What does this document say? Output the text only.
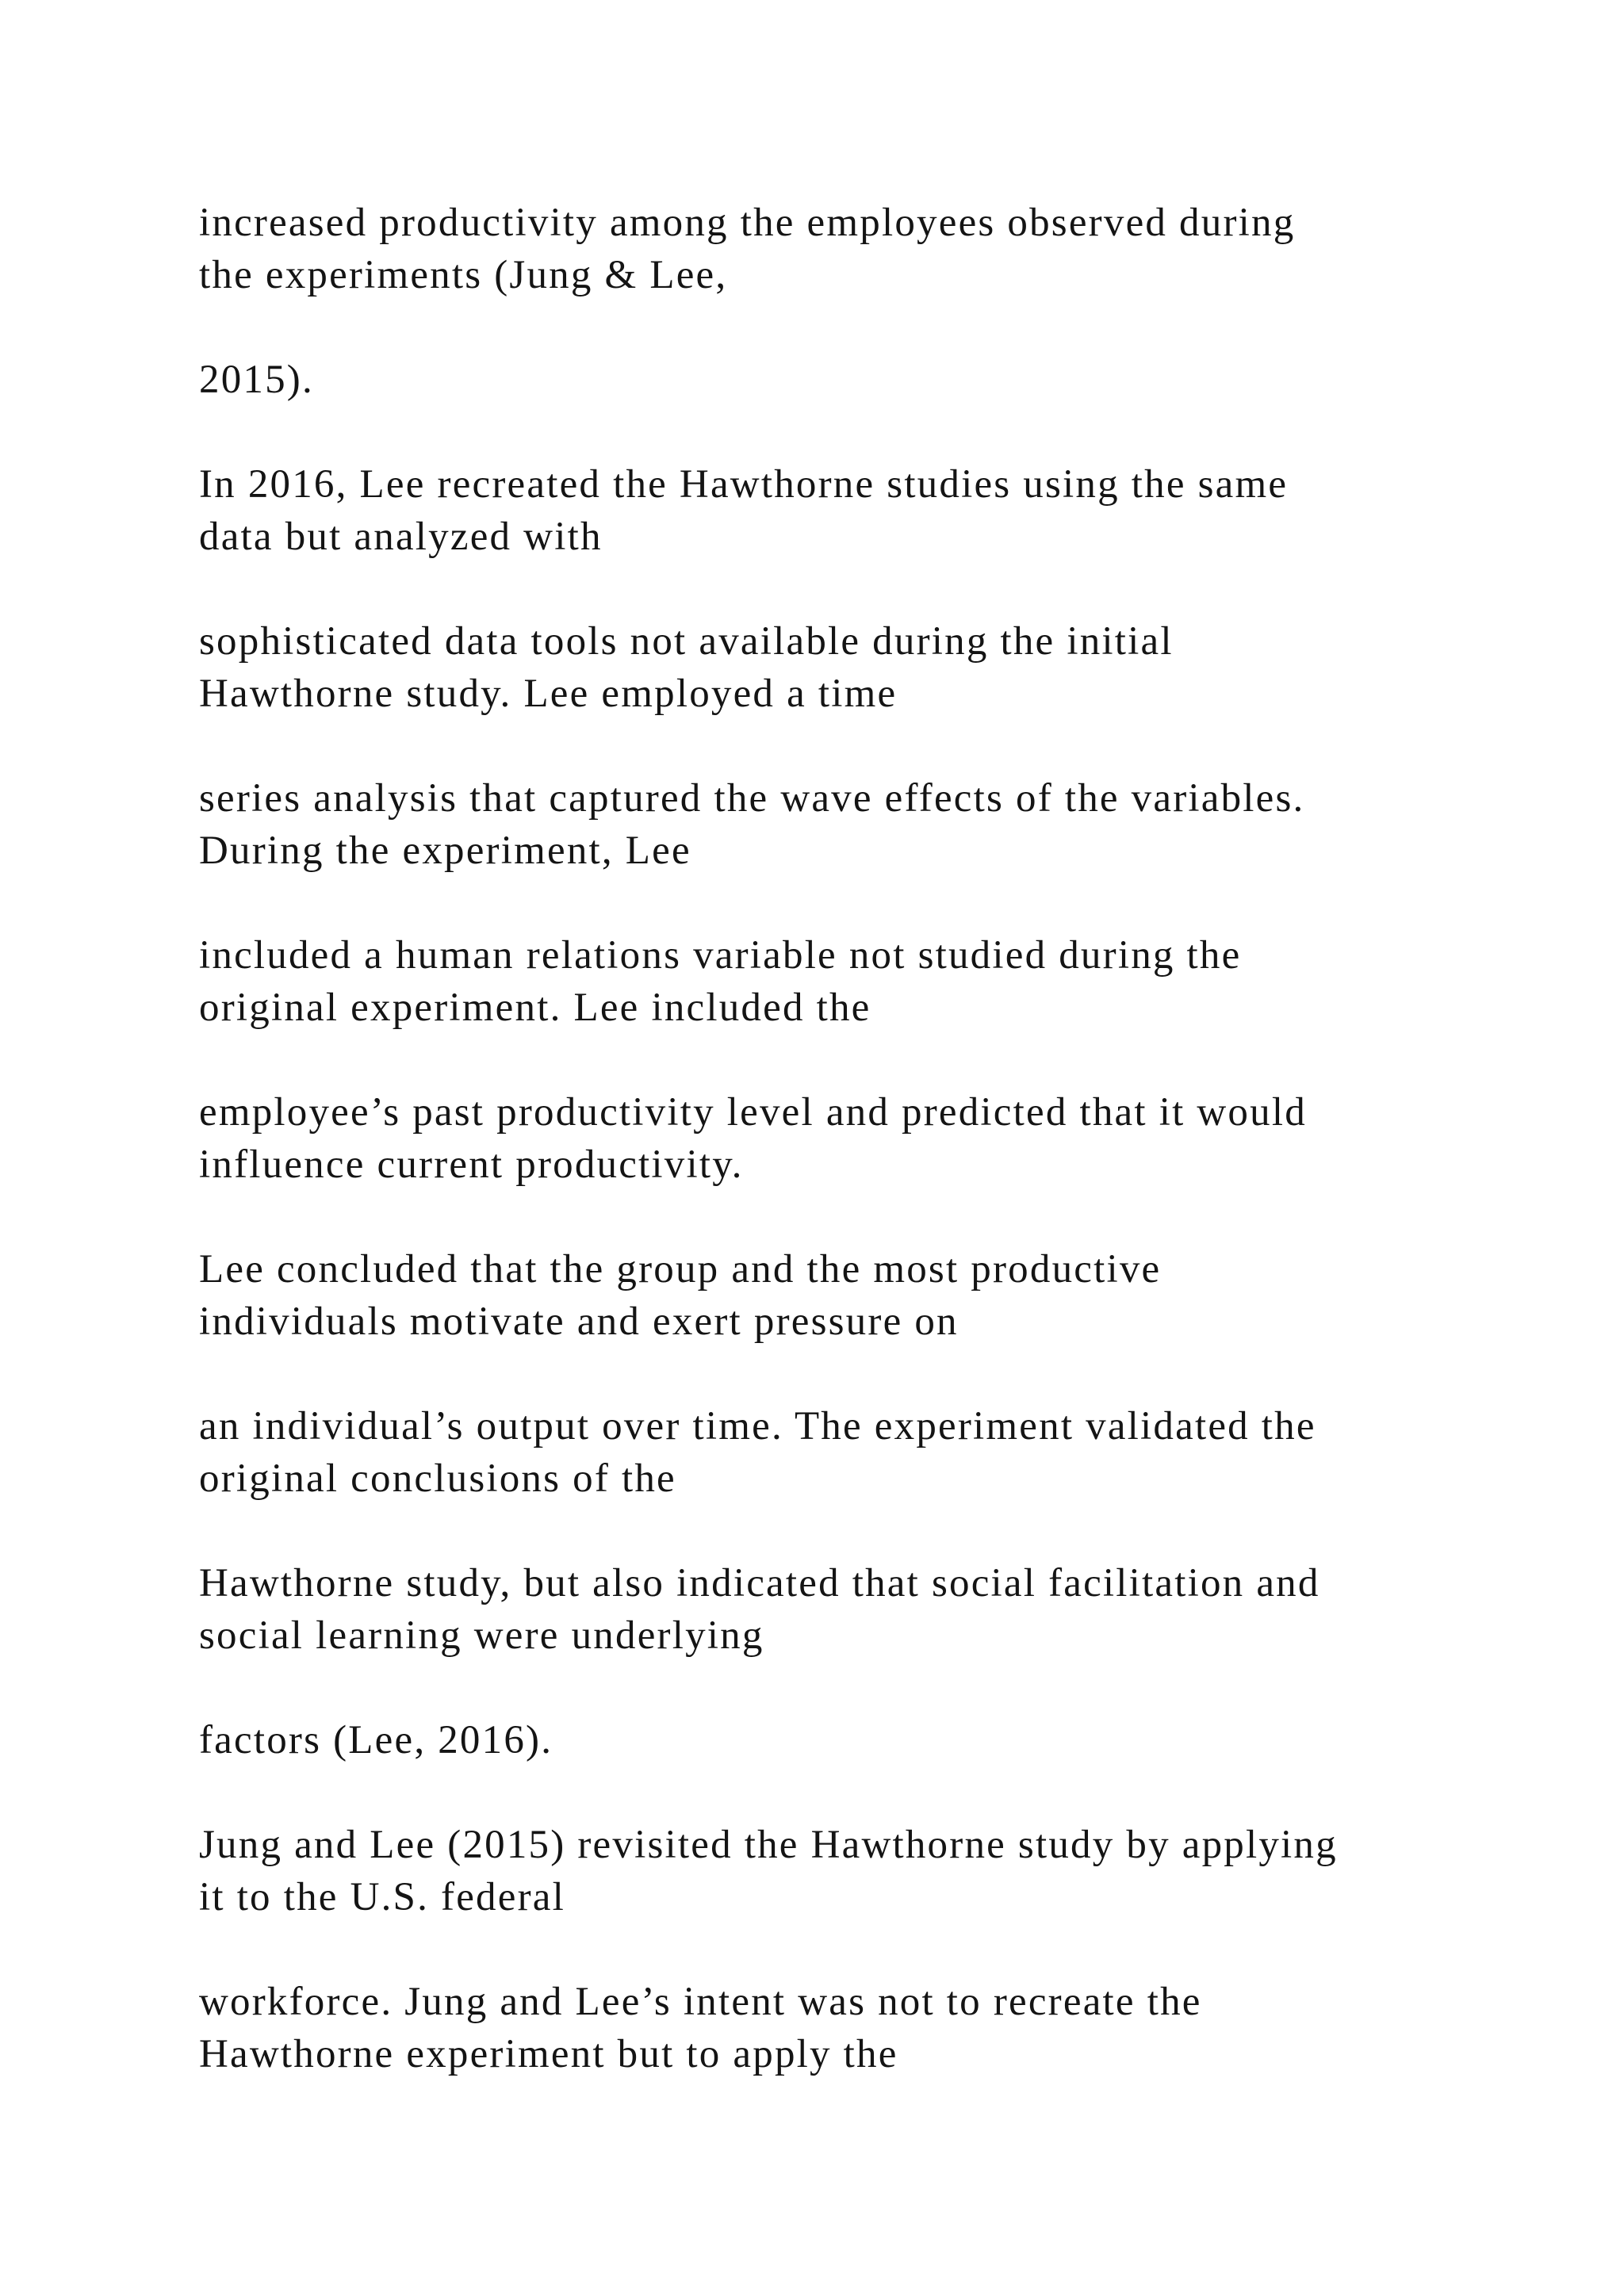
increased productivity among the employees observed during
the experiments (Jung & Lee,

2015).

In 2016, Lee recreated the Hawthorne studies using the same
data but analyzed with

sophisticated data tools not available during the initial
Hawthorne study. Lee employed a time

series analysis that captured the wave effects of the variables.
During the experiment, Lee

included a human relations variable not studied during the
original experiment. Lee included the

employee’s past productivity level and predicted that it would
influence current productivity.

Lee concluded that the group and the most productive
individuals motivate and exert pressure on

an individual’s output over time. The experiment validated the
original conclusions of the

Hawthorne study, but also indicated that social facilitation and
social learning were underlying

factors (Lee, 2016).

Jung and Lee (2015) revisited the Hawthorne study by applying
it to the U.S. federal

workforce. Jung and Lee’s intent was not to recreate the
Hawthorne experiment but to apply the
